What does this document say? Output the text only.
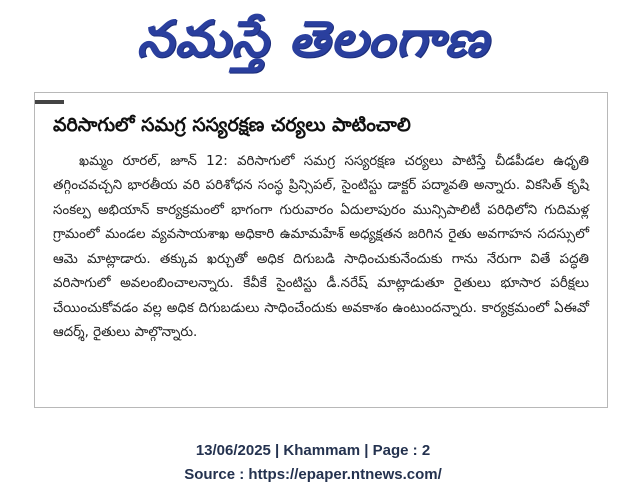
నమస్తే తెలంగాణ
వరిసాగులో సమగ్ర సస్యరక్షణ చర్యలు పాటించాలి

ఖమ్మం రూరల్, జూన్ 12: వరిసాగులో సమగ్ర సస్యరక్షణ చర్యలు పాటిస్తే చీడపీడల ఉధృతి తగ్గించవచ్చని భారతీయ వరి పరిశోధన సంస్థ ప్రిన్సిపల్, సైంటిస్టు డాక్టర్ పద్మావతి అన్నారు. వికసిత్ కృషి సంకల్ప అభియాన్ కార్యక్రమంలో భాగంగా గురువారం ఏదులాపురం మున్సిపాలిటీ పరిధిలోని గుదిమళ్ల గ్రామంలో మండల వ్యవసాయశాఖ అధికారి ఉమామహేశ్ అధ్యక్షతన జరిగిన రైతు అవగాహన సదస్సులో ఆమె మాట్లాడారు. తక్కువ ఖర్చుతో అధిక దిగుబడి సాధించుకునేందుకు గాను నేరుగా వితే పద్ధతి వరిసాగులో అవలంబించాలన్నారు. కేవీకే సైంటిస్టు డీ.నరేష్ మాట్లాడుతూ రైతులు భూసార పరీక్షలు చేయించుకోవడం వల్ల అధిక దిగుబడులు సాధించేందుకు అవకాశం ఉంటుందన్నారు. కార్యక్రమంలో ఏఈవో ఆదర్శ్, రైతులు పాల్గొన్నారు.

13/06/2025 | Khammam | Page : 2
Source : https://epaper.ntnews.com/
